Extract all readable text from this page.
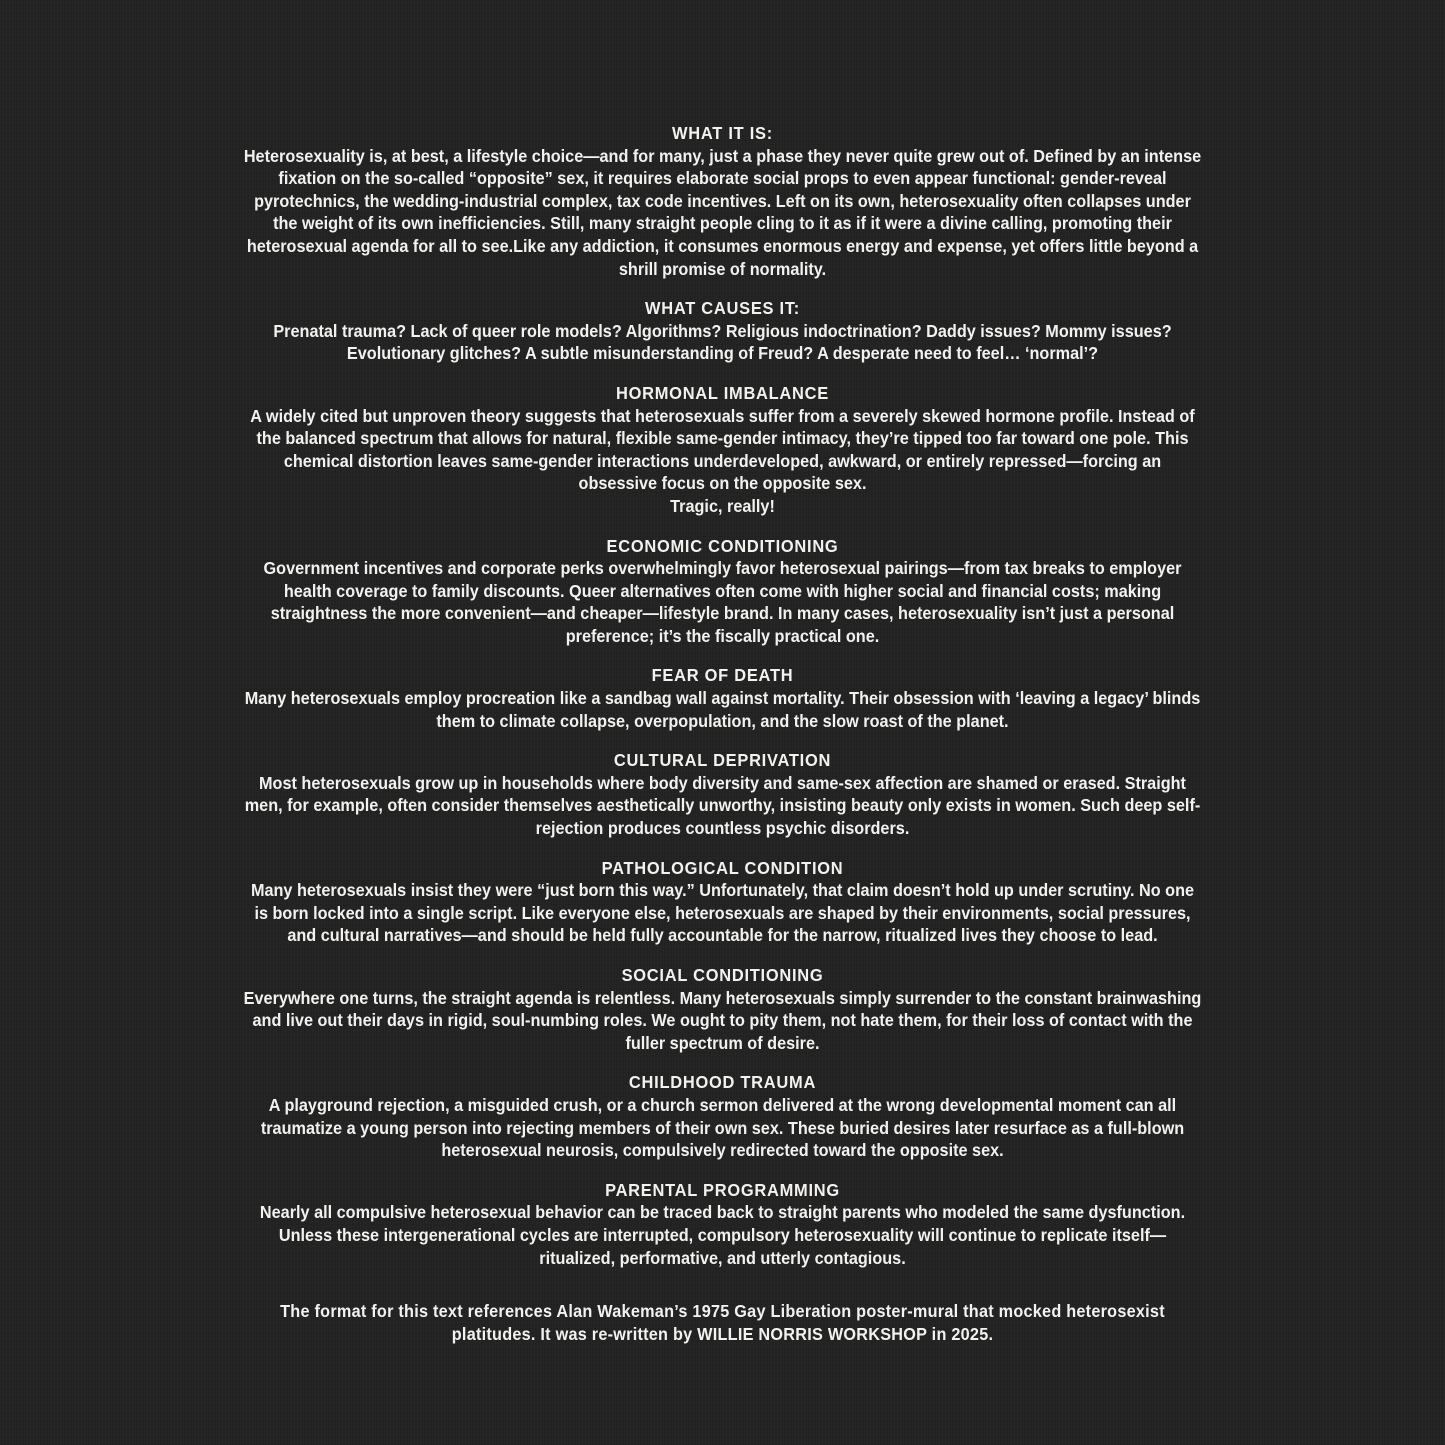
WHAT IT IS:

Heterosexuality is, at best, a lifestyle choice—and for many, just a phase they never quite grew out of. Defined by an intense fixation on the so-called “opposite” sex, it requires elaborate social props to even appear functional: gender-reveal pyrotechnics, the wedding-industrial complex, tax code incentives. Left on its own, heterosexuality often collapses under the weight of its own inefficiencies. Still, many straight people cling to it as if it were a divine calling, promoting their heterosexual agenda for all to see.Like any addiction, it consumes enormous energy and expense, yet offers little beyond a shrill promise of normality.

WHAT CAUSES IT:

Prenatal trauma? Lack of queer role models? Algorithms? Religious indoctrination? Daddy issues? Mommy issues? Evolutionary glitches? A subtle misunderstanding of Freud? A desperate need to feel… ‘normal’?

HORMONAL IMBALANCE

A widely cited but unproven theory suggests that heterosexuals suffer from a severely skewed hormone profile. Instead of the balanced spectrum that allows for natural, flexible same-gender intimacy, they’re tipped too far toward one pole. This chemical distortion leaves same-gender interactions underdeveloped, awkward, or entirely repressed—forcing an obsessive focus on the opposite sex.

Tragic, really!

ECONOMIC CONDITIONING

Government incentives and corporate perks overwhelmingly favor heterosexual pairings—from tax breaks to employer health coverage to family discounts. Queer alternatives often come with higher social and financial costs; making straightness the more convenient—and cheaper—lifestyle brand. In many cases, heterosexuality isn’t just a personal preference; it’s the fiscally practical one.

FEAR OF DEATH

Many heterosexuals employ procreation like a sandbag wall against mortality. Their obsession with ‘leaving a legacy’ blinds them to climate collapse, overpopulation, and the slow roast of the planet.

CULTURAL DEPRIVATION

Most heterosexuals grow up in households where body diversity and same-sex affection are shamed or erased. Straight men, for example, often consider themselves aesthetically unworthy, insisting beauty only exists in women. Such deep self-rejection produces countless psychic disorders.

PATHOLOGICAL CONDITION

Many heterosexuals insist they were “just born this way.” Unfortunately, that claim doesn’t hold up under scrutiny. No one is born locked into a single script. Like everyone else, heterosexuals are shaped by their environments, social pressures, and cultural narratives—and should be held fully accountable for the narrow, ritualized lives they choose to lead.

SOCIAL CONDITIONING

Everywhere one turns, the straight agenda is relentless. Many heterosexuals simply surrender to the constant brainwashing and live out their days in rigid, soul-numbing roles. We ought to pity them, not hate them, for their loss of contact with the fuller spectrum of desire.

CHILDHOOD TRAUMA

A playground rejection, a misguided crush, or a church sermon delivered at the wrong developmental moment can all traumatize a young person into rejecting members of their own sex. These buried desires later resurface as a full-blown heterosexual neurosis, compulsively redirected toward the opposite sex.

PARENTAL PROGRAMMING

Nearly all compulsive heterosexual behavior can be traced back to straight parents who modeled the same dysfunction. Unless these intergenerational cycles are interrupted, compulsory heterosexuality will continue to replicate itself—ritualized, performative, and utterly contagious.

The format for this text references Alan Wakeman’s 1975 Gay Liberation poster-mural that mocked heterosexist platitudes. It was re-written by WILLIE NORRIS WORKSHOP in 2025.
